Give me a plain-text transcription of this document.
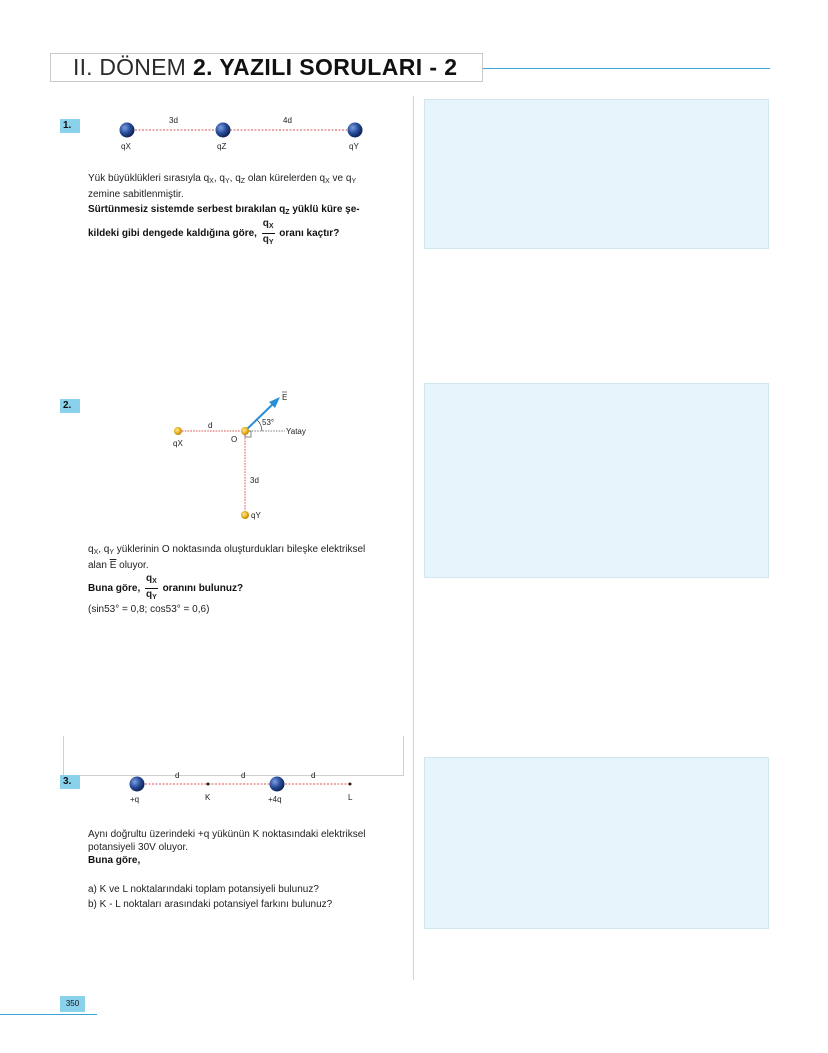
II. DÖNEM 2. YAZILI SORULARI - 2
1.	3d	4d
qX	qZ	qY
Yük büyüklükleri sırasıyla $q_X$, $q_Y$, $q_Z$ olan kürelerden $q_X$ ve $q_Y$
zemine sabitlenmiştir.
Sürtünmesiz sistemde serbest bırakılan $q_Z$ yüklü küre şe-
kildeki gibi dengede kaldığına göre, $\frac{q_X}{q_Y}$ oranı kaçtır?
2.
E
53°
Yatay
d
O
3d
qX
qY
$q_X$, $q_Y$ yüklerinin O noktasında oluşturdukları bileşke elektriksel
alan $\overline{E}$ oluyor.
Buna göre, $\frac{q_X}{q_Y}$ oranını bulunuz?
(sin53° = 0,8; cos53° = 0,6)
3.
d	d	d
+q	K	+4q	L
Aynı doğrultu üzerindeki +q yükünün K noktasındaki elektriksel
potansiyeli 30V oluyor.
Buna göre,
a) K ve L noktalarındaki toplam potansiyeli bulunuz?
b) K - L noktaları arasındaki potansiyel farkını bulunuz?
350
